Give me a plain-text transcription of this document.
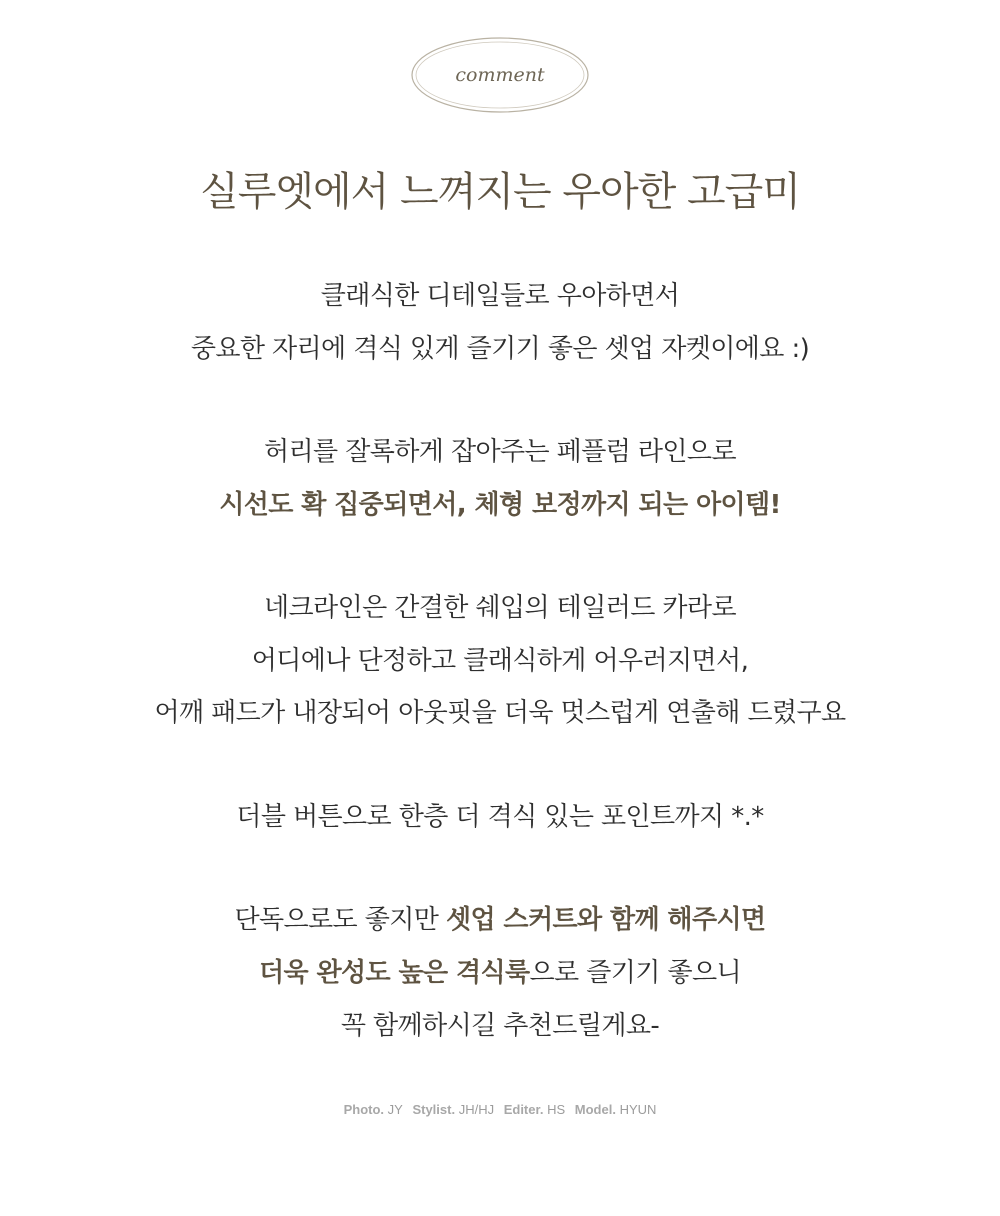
comment
실루엣에서 느껴지는 우아한 고급미
클래식한 디테일들로 우아하면서
중요한 자리에 격식 있게 즐기기 좋은 셋업 자켓이에요 :)
허리를 잘록하게 잡아주는 페플럼 라인으로
시선도 확 집중되면서, 체형 보정까지 되는 아이템!
네크라인은 간결한 쉐입의 테일러드 카라로
어디에나 단정하고 클래식하게 어우러지면서,
어깨 패드가 내장되어 아웃핏을 더욱 멋스럽게 연출해 드렸구요
더블 버튼으로 한층 더 격식 있는 포인트까지 *.*
단독으로도 좋지만 셋업 스커트와 함께 해주시면
더욱 완성도 높은 격식룩으로 즐기기 좋으니
꼭 함께하시길 추천드릴게요-
Photo. JY Stylist. JH/HJ Editer. HS Model. HYUN
